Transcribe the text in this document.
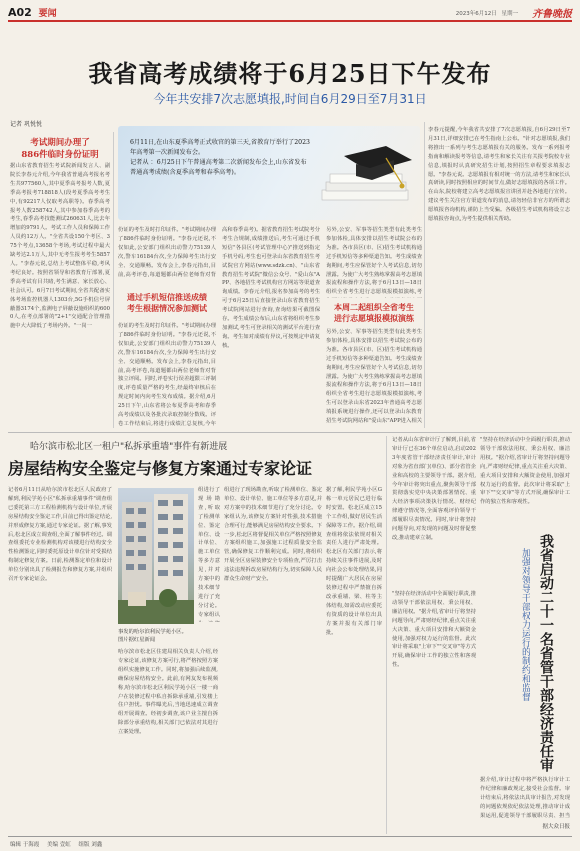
A02 要闻	2023年6月12日 星期一 齐鲁晚报
我省高考成绩将于6月25日下午发布
今年共安排7次志愿填报,时间自6月29日至7月31日
记者 巩悦悦
考试期间办理了
886件临时身份证明
6月11日,在山东夏季高考正式收官的第三天,省教育厅举行了2023年高考第一次新闻发布会。
记者从 ：6月25日下午普通高考第二次新闻发布会上,山东省发布普通高考成绩(含夏季高考和春季高考)。
据山东省教育招生考试院新闻发言人、副院长李春元介绍,今年我省普通高考报名考生共977560人,其中夏季高考报考人数,夏季高考报考718818人(段考夏季高考考生中,有92217人仅取考高职等)。春季高考报考人数258742人,其中参加春季高考的考生,春季高考技能测试260631人,比去年增加的9791人。考试工作人员和保障工作人员约12万人。"全省共设150个考区、375个考点,13658个考场,考试过程中最大缺考达2.1万人,其中无考生报考考生5857人。"李春元说,总结上考试整体平稳,考风考纪良好。按照省领导和省教育厅部署,夏季高考试有目共睹,考生满意、家长放心、社会认可。6月7日考试期间,全省共配备实体考场监控机器人1303台,5G手机信号屏蔽器3174个,监测电子屏蔽设施组织的6000人,在考点部署的"2+1"交通配合管理措施中大大降低了考场内外。"一岗一
份证的考生及时打印证件。"考试期间办理了886件临时身份证明。"李春元还说,不仅如此,公安部门组织出动警力75139人次,警车16184台次,全力保障考生出行安全、交通顺畅。发布会上,李春元指出,目前,高考评卷,每道题都由两位老师背对背
通过手机短信推送成绩
考生根据情况参加测试
份证的考生及时打印证件。"考试期间办理了886件临时身份证明。"李春元还说,不仅如此,公安部门组织出动警力75139人次,警车16184台次,全力保障考生出行安全、交通顺畅。发布会上,李春元指出,目前,高考评卷,每道题都由两位老师背对背独立评阅。同时,评卷实行误差超限三评制度,评卷质量严格的考生,经最终审核后在规定时间内向考生发布成绩。据介绍,6月25日下午,山东省将公布夏季高考和春季高考成绩以及各批次录取控制分数线。评卷工作结束后,将进行成绩汇总复核,今年
高和春季高考)。据省教育招生考试院考分考生合规制,成绩推送后,考生可通过手机短信"各县区(考试管理中心)"推送到指定手机号码,考生也可登录山东省教育招生考试院官方网站(www.sdzk.cn)、"山东省教育招生考试院"微信公众号、"爱山东"APP、各地招生考试机构官方网站等渠道查询成绩。李春元介绍,报名参加高考的考生可于6月25日后直接登录山东省教育招生考试院网站进行查询,查询结果可截图保存。考生成绩公布后,山东省将组织考生参加测试,考生可登录相关的测试平台进行查询。考生如对成绩有异议,可按规定申请复核。
另外,公安、军事等招生类型有此类考生参加体检,具体安排以招生考试院公布的为准。各市县区(市、区)招生考试机构通过手机短信等多种渠道告知。考生成绩查询期间,考生应保管好个人考试信息,切勿泄露。为使广大考生熟练掌握高考志愿填报流程和操作方法,将于6月13日—18日组织全省考生进行志愿填报模拟演练,考
本周二起组织全省考生
进行志愿填报模拟演练
另外,公安、军事等招生类型有此类考生参加体检,具体安排以招生考试院公布的为准。各市县区(市、区)招生考试机构通过手机短信等多种渠道告知。考生成绩查询期间,考生应保管好个人考试信息,切勿泄露。为使广大考生熟练掌握高考志愿填报流程和操作方法,将于6月13日—18日组织全省考生进行志愿填报模拟演练,考生可以登录山东省2023年普通高考志愿填报系统进行操作,还可以登录山东教育招生考试院网站和"爱山东"APP进入相关
李春元提醒,今年我省共安排了7次志愿填报,自6月29日至7月31日,详细安排已在考生指南上公布。"针对志愿填报,我们将推出一系列与考生志愿填报有关的服务。发布一系列报考指南和解读报考等信息,请考生和家长关注有关报考院校专业信息,填报时认真研究招生计划,按照招生章程要求填报志愿。"李春元说。志愿填报有相对统一的方法,请考生和家长认真研读,同时按照相应的时间节点,做好志愿填报的各项工作。在山东,院校将建立高考志愿填报宣讲团并赴各地进行宣传。建议考生关注官方渠道发布的消息,请勿轻信非官方的所谓志愿填报咨询机构,谨防上当受骗。各级招生考试机构将设立志愿填报咨询点,为考生提供相关帮助。
哈尔滨市松北区一租户"私拆承重墙"事件有新进展
房屋结构安全鉴定与修复方案通过专家论证
记者6月11日从哈尔滨市松北区人民政府了解到,利民学苑小区"私拆承重墙事件"调查组已委托第三方工程检测机构与设计单位,开展房屋结构安全鉴定工作,目前已得出鉴定结论,并形成修复方案,通过专家论证。据了解,事发后,松北区成立调查组,全面了解事件经过。调查组委托专业检测机构对该楼进行结构安全性检测鉴定,同时委托原设计单位针对受损结构制定修复方案。日前,检测鉴定单位和设计单位分别出具了检测报告和修复方案,并组织召开专家论证会。
事发的哈尔滨利民学苑小区。
图片据红星新闻
哈尔滨市松北区住建局相关负责人介绍,经专家论证,该修复方案可行,将严格按照方案组织实施修复工作。同时,将加强后续监测,确保房屋结构安全。此前,有网友发布视频称,哈尔滨市松北区利民学苑小区一楼一商户在装修过程中私自拆除承重墙,引发楼上住户担忧。事件曝光后,当地迅速成立调查组开展调查。经初步调查,该户业主擅自拆除部分承重结构,相关部门已依法对其进行立案处理。
组进行了现场勘查,听取了检测单位、鉴定单位、设计单位、施工单位等多方意见,并对方案中的技术细节进行了充分讨论。专家组认
组进行了现场勘查,听取了检测单位、鉴定单位、设计单位、施工单位等多方意见,并对方案中的技术细节进行了充分讨论。专家组认为,该修复方案针对性强,技术措施合理可行,能够满足房屋结构安全要求。下一步,松北区将督促相关单位严格按照修复方案组织施工,加强施工过程质量安全监管,确保修复工作顺利完成。同时,将组织开展全区房屋装修安全专项检查,严厉打击违法违规拆改房屋结构行为,切实保障人民群众生命财产安全。
据了解,利民学苑小区G栋一单元居民已进行临时安置。松北区成立15个工作组,做好居民生活保障等工作。据介绍,调查组将依法依规对相关责任人进行严肃处理。松北区有关部门表示,将持续关注事件进展,及时向社会公布处理结果,同时提醒广大居民在房屋装修过程中严禁擅自拆改承重墙、梁、柱等主体结构,如需改动应委托有资质的设计单位出具方案并报有关部门审批。
记者从山东省审计厅了解到,目前,省审计厅已在36个单位启动,启动2023年度省管干部经济责任审计,审计对象为省直部门(单位)、部分省管企业和高校的主要领导干部。据介绍,今年审计将突出重点,聚焦领导干部贯彻落实党中央决策部署情况、重大经济事项决策执行情况、财经纪律遵守情况等,全面客观评价领导干部履职尽责情况。同时,审计将坚持问题导向,对发现的问题及时督促整改,推动建章立制。
"坚持在经济活动中全面履行职责,推动领导干部依法用权、秉公用权、廉洁用权。"据介绍,省审计厅将坚持问题导向,严肃财经纪律,重点关注重大决策、重大项目安排和大额资金使用,加强对权力运行的监督。此次审计将采取"上审下""交叉审"等方式开展,确保审计工作的独立性和客观性。
我省启动二十一名省管干部经济责任审
加强对领导干部权力运行的制约和监督
"坚持在经济活动中全面履行职责,推动领导干部依法用权、秉公用权、廉洁用权。"据介绍,省审计厅将坚持问题导向,严肃财经纪律,重点关注重大决策、重大项目安排和大额资金使用,加强对权力运行的监督。此次审计将采取"上审下""交叉审"等方式开展,确保审计工作的独立性和客观性。
据介绍,审计过程中将严格执行审计工作纪律和廉政规定,接受社会监督。审计结束后,将依法出具审计报告,对发现的问题依规依纪依法处理,推动审计成果运用,促进领导干部履职尽责、担当
据大众日报
编辑 于海霞 美编 壹虹 组版 刘鑫
